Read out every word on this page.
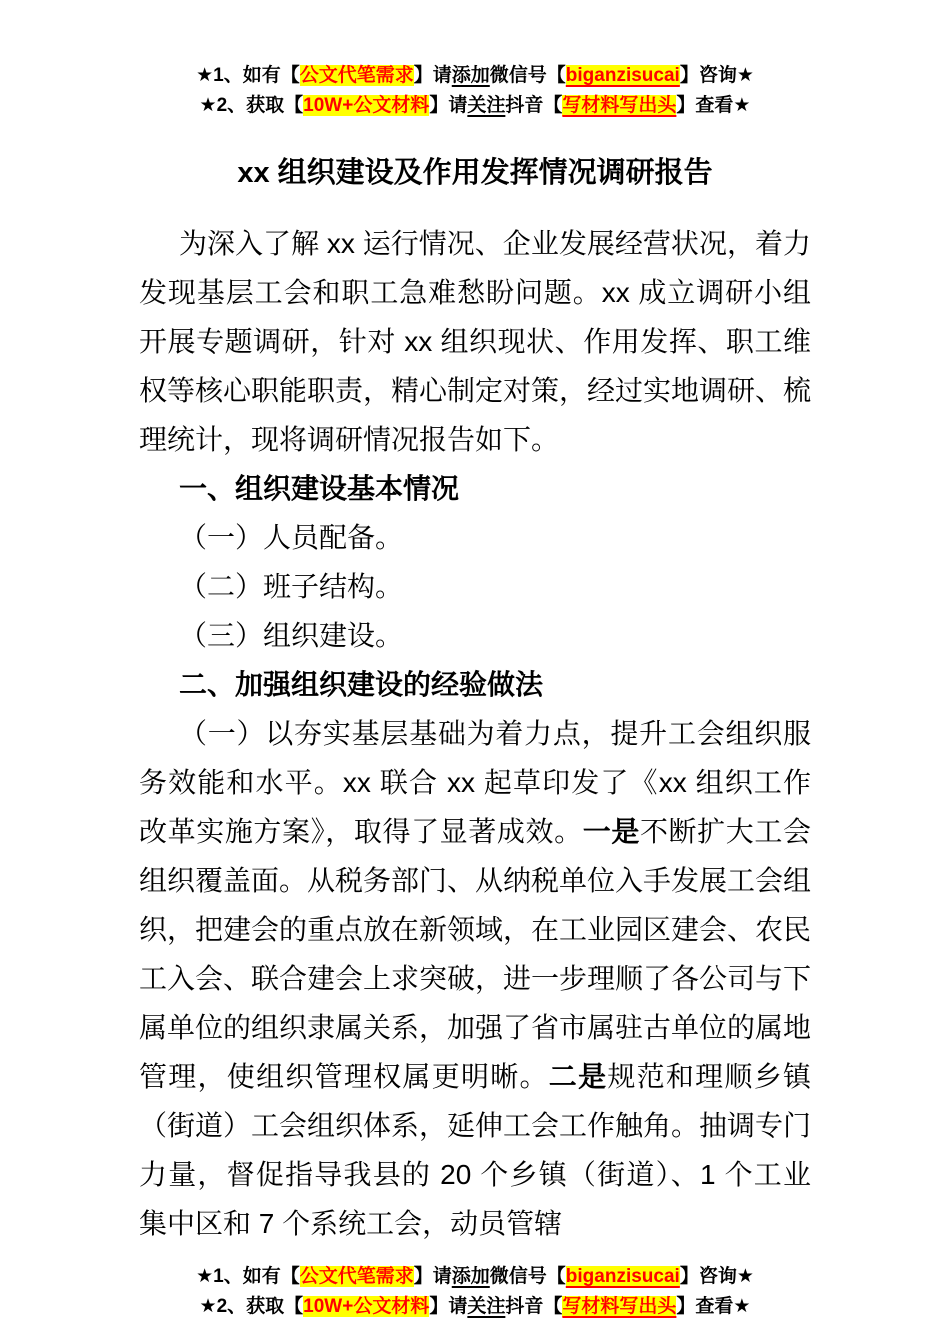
★1、如有【公文代笔需求】请添加微信号【biganzisucai】咨询★
★2、获取【10W+公文材料】请关注抖音【写材料写出头】查看★
xx 组织建设及作用发挥情况调研报告
为深入了解 xx 运行情况、企业发展经营状况，着力发现基层工会和职工急难愁盼问题。xx 成立调研小组开展专题调研，针对 xx 组织现状、作用发挥、职工维权等核心职能职责，精心制定对策，经过实地调研、梳理统计，现将调研情况报告如下。
一、组织建设基本情况
（一）人员配备。
（二）班子结构。
（三）组织建设。
二、加强组织建设的经验做法
（一）以夯实基层基础为着力点，提升工会组织服务效能和水平。xx 联合 xx 起草印发了《xx 组织工作改革实施方案》，取得了显著成效。一是不断扩大工会组织覆盖面。从税务部门、从纳税单位入手发展工会组织，把建会的重点放在新领域，在工业园区建会、农民工入会、联合建会上求突破，进一步理顺了各公司与下属单位的组织隶属关系，加强了省市属驻古单位的属地管理，使组织管理权属更明晰。二是规范和理顺乡镇（街道）工会组织体系，延伸工会工作触角。抽调专门力量，督促指导我县的 20 个乡镇（街道）、1 个工业集中区和 7 个系统工会，动员管辖
★1、如有【公文代笔需求】请添加微信号【biganzisucai】咨询★
★2、获取【10W+公文材料】请关注抖音【写材料写出头】查看★
